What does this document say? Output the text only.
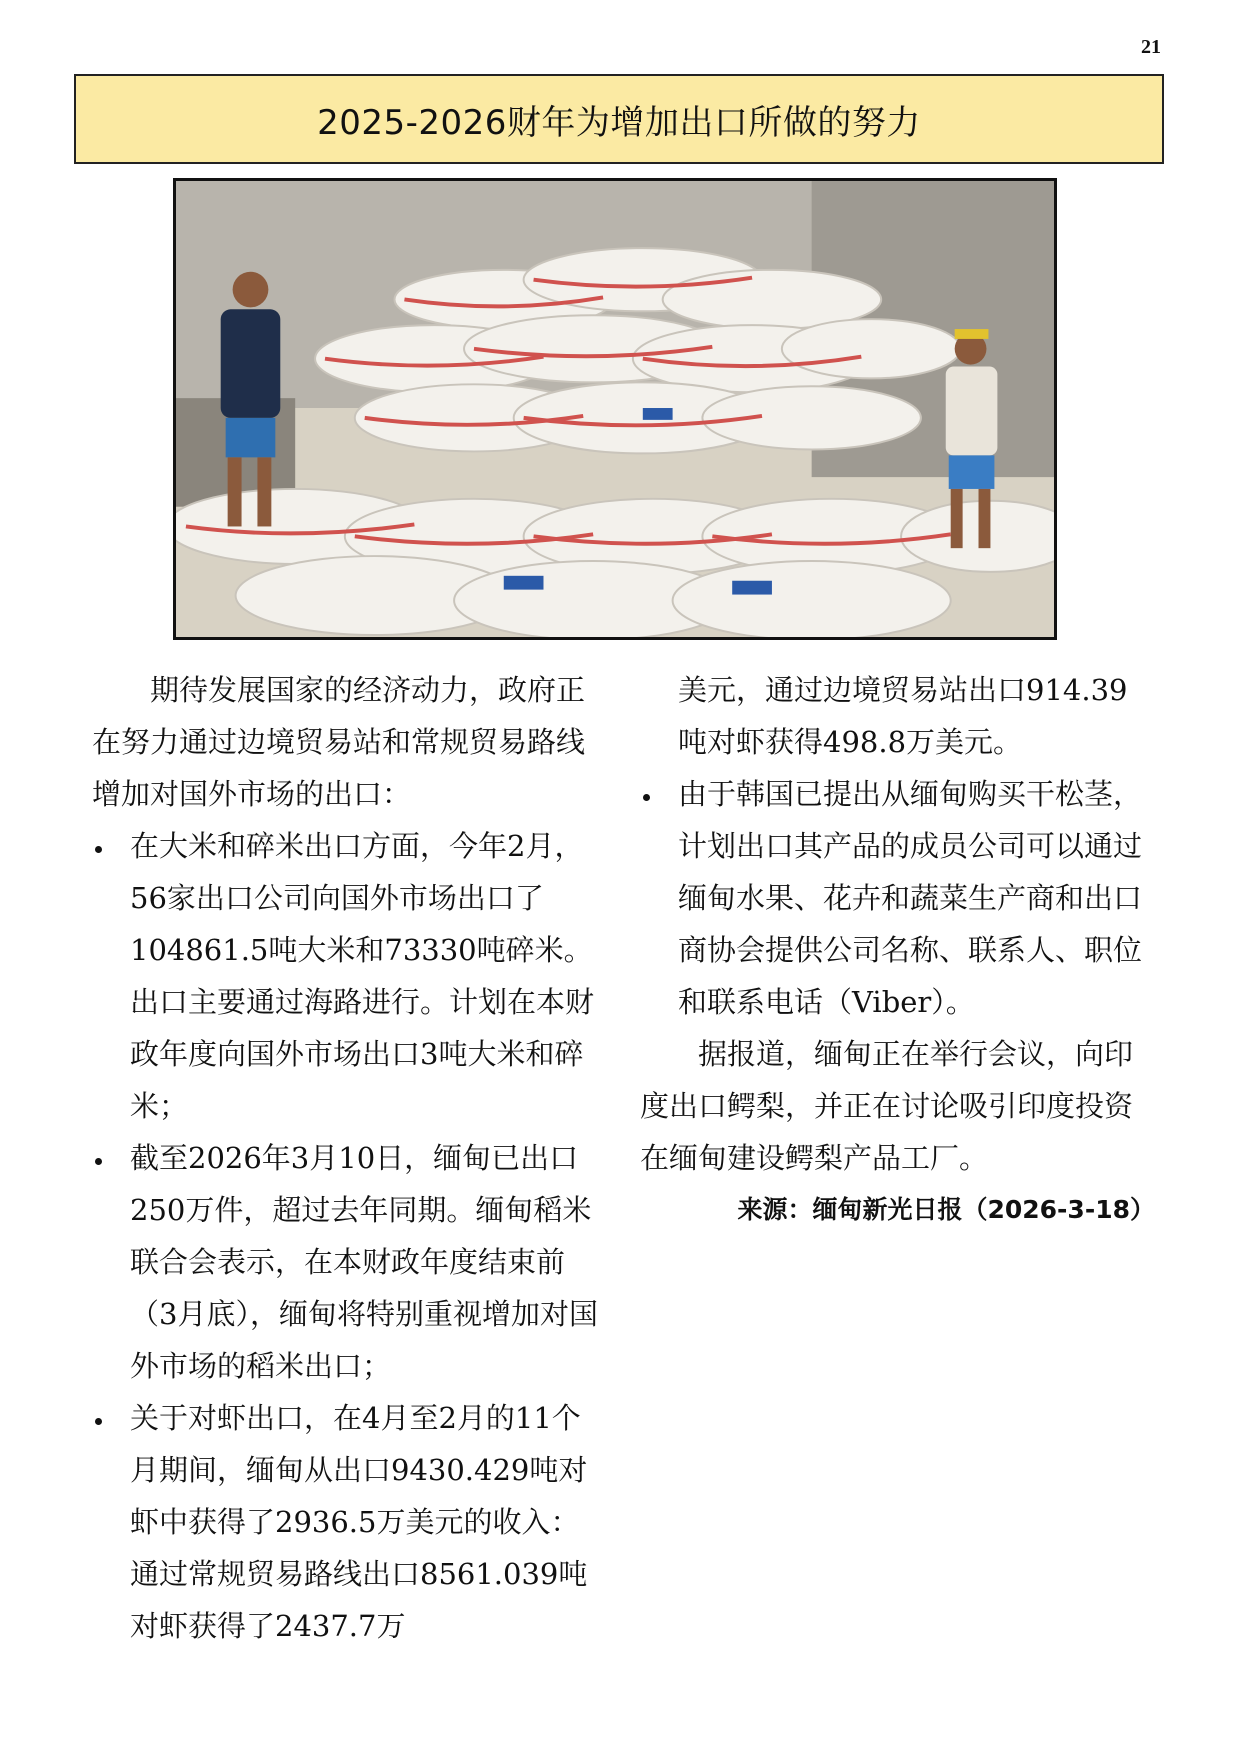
21
2025-2026财年为增加出口所做的努力

期待发展国家的经济动力，政府正在努力通过边境贸易站和常规贸易路线增加对国外市场的出口：

在大米和碎米出口方面，今年2月，56家出口公司向国外市场出口了104861.5吨大米和73330吨碎米。出口主要通过海路进行。计划在本财政年度向国外市场出口3吨大米和碎米；
截至2026年3月10日，缅甸已出口250万件，超过去年同期。缅甸稻米联合会表示，在本财政年度结束前（3月底），缅甸将特别重视增加对国外市场的稻米出口；
关于对虾出口，在4月至2月的11个月期间，缅甸从出口9430.429吨对虾中获得了2936.5万美元的收入：通过常规贸易路线出口8561.039吨对虾获得了2437.7万

美元，通过边境贸易站出口914.39吨对虾获得498.8万美元。

由于韩国已提出从缅甸购买干松茎，计划出口其产品的成员公司可以通过缅甸水果、花卉和蔬菜生产商和出口商协会提供公司名称、联系人、职位和联系电话（Viber）。

据报道，缅甸正在举行会议，向印度出口鳄梨，并正在讨论吸引印度投资在缅甸建设鳄梨产品工厂。

来源：缅甸新光日报（2026-3-18）
